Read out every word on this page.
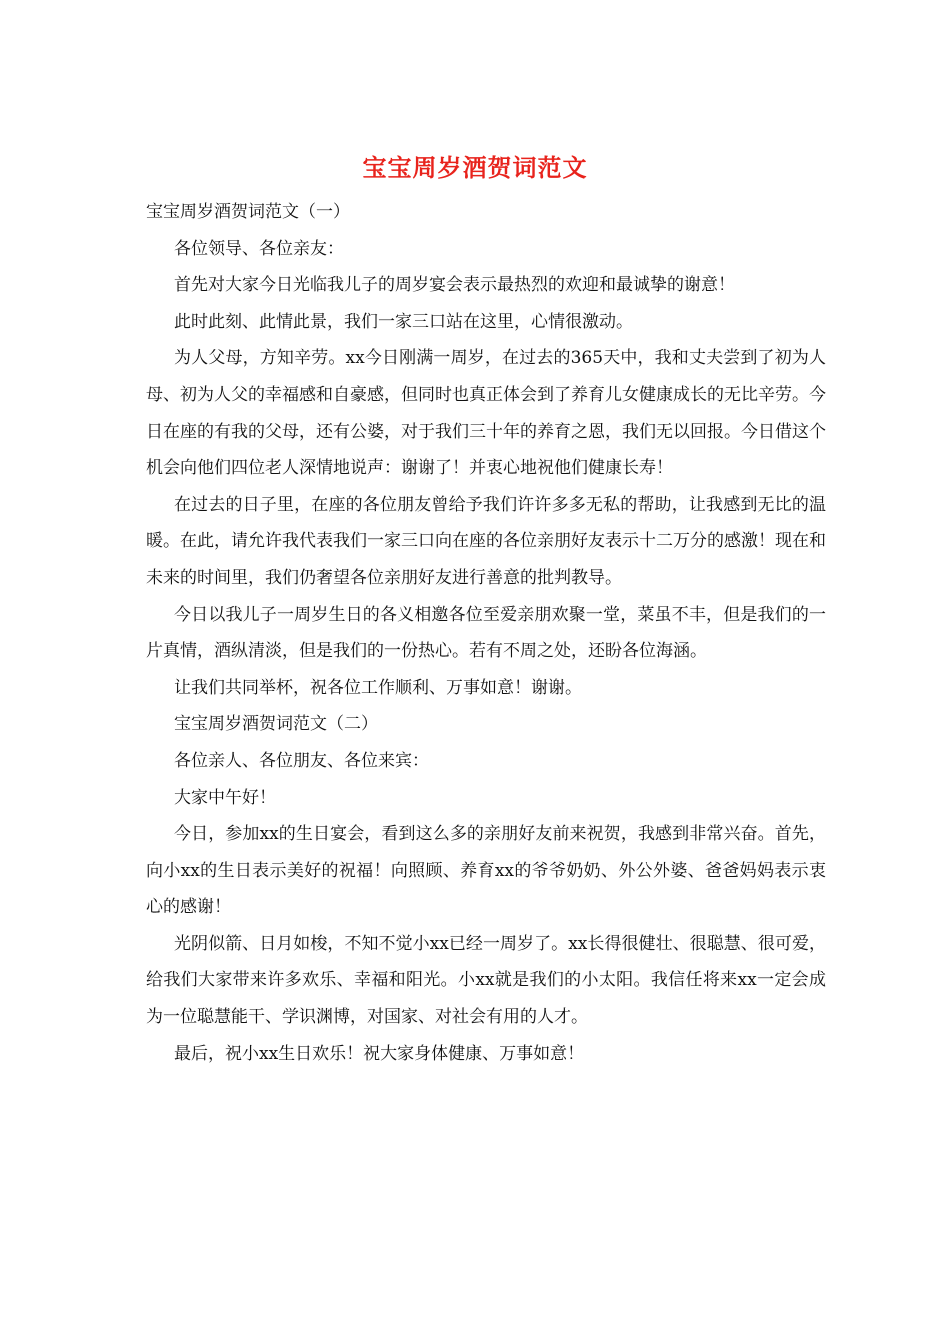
宝宝周岁酒贺词范文

宝宝周岁酒贺词范文（一）

各位领导、各位亲友：

首先对大家今日光临我儿子的周岁宴会表示最热烈的欢迎和最诚挚的谢意！

此时此刻、此情此景，我们一家三口站在这里，心情很激动。

为人父母，方知辛劳。xx今日刚满一周岁，在过去的365天中，我和丈夫尝到了初为人母、初为人父的幸福感和自豪感，但同时也真正体会到了养育儿女健康成长的无比辛劳。今日在座的有我的父母，还有公婆，对于我们三十年的养育之恩，我们无以回报。今日借这个机会向他们四位老人深情地说声：谢谢了！并衷心地祝他们健康长寿！

在过去的日子里，在座的各位朋友曾给予我们许许多多无私的帮助，让我感到无比的温暖。在此，请允许我代表我们一家三口向在座的各位亲朋好友表示十二万分的感激！现在和未来的时间里，我们仍奢望各位亲朋好友进行善意的批判教导。

今日以我儿子一周岁生日的各义相邀各位至爱亲朋欢聚一堂，菜虽不丰，但是我们的一片真情，酒纵清淡，但是我们的一份热心。若有不周之处，还盼各位海涵。

让我们共同举杯，祝各位工作顺利、万事如意！谢谢。

宝宝周岁酒贺词范文（二）

各位亲人、各位朋友、各位来宾：

大家中午好！

今日，参加xx的生日宴会，看到这么多的亲朋好友前来祝贺，我感到非常兴奋。首先，向小xx的生日表示美好的祝福！向照顾、养育xx的爷爷奶奶、外公外婆、爸爸妈妈表示衷心的感谢！

光阴似箭、日月如梭，不知不觉小xx已经一周岁了。xx长得很健壮、很聪慧、很可爱，给我们大家带来许多欢乐、幸福和阳光。小xx就是我们的小太阳。我信任将来xx一定会成为一位聪慧能干、学识渊博，对国家、对社会有用的人才。

最后，祝小xx生日欢乐！祝大家身体健康、万事如意！
